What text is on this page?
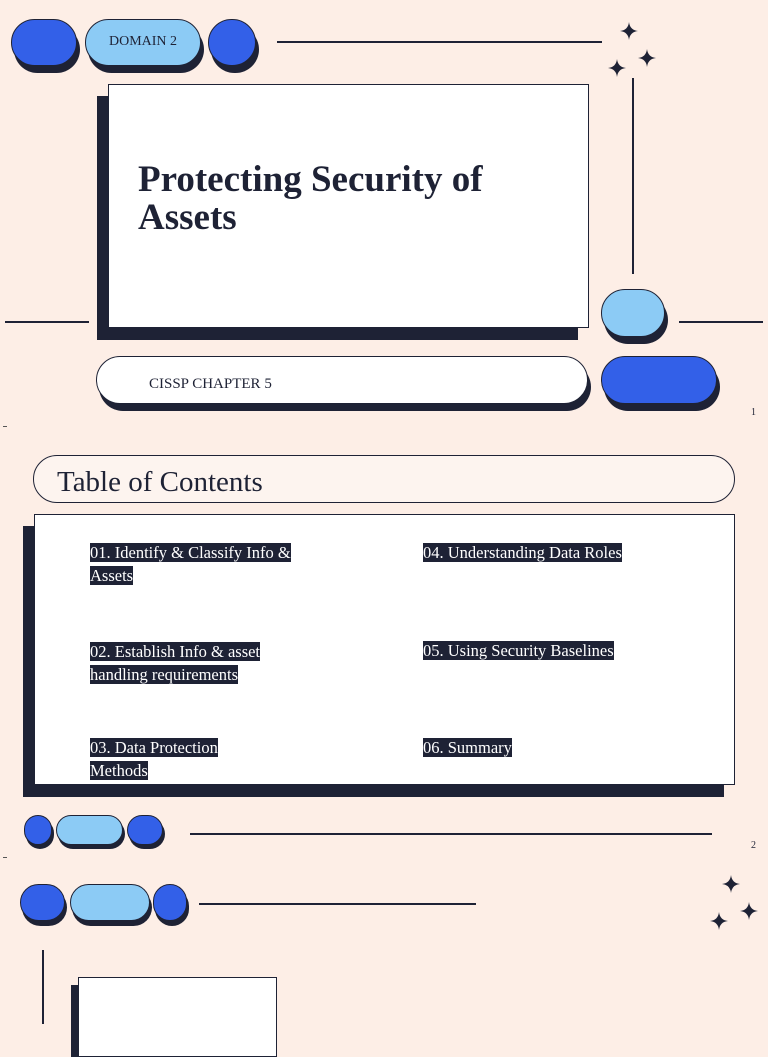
DOMAIN 2
Protecting Security of Assets
CISSP CHAPTER 5
1
Table of Contents
01. Identify & Classify Info & Assets
02. Establish Info & asset handling requirements
03. Data Protection Methods
04. Understanding Data Roles
05. Using Security Baselines
06. Summary
2
